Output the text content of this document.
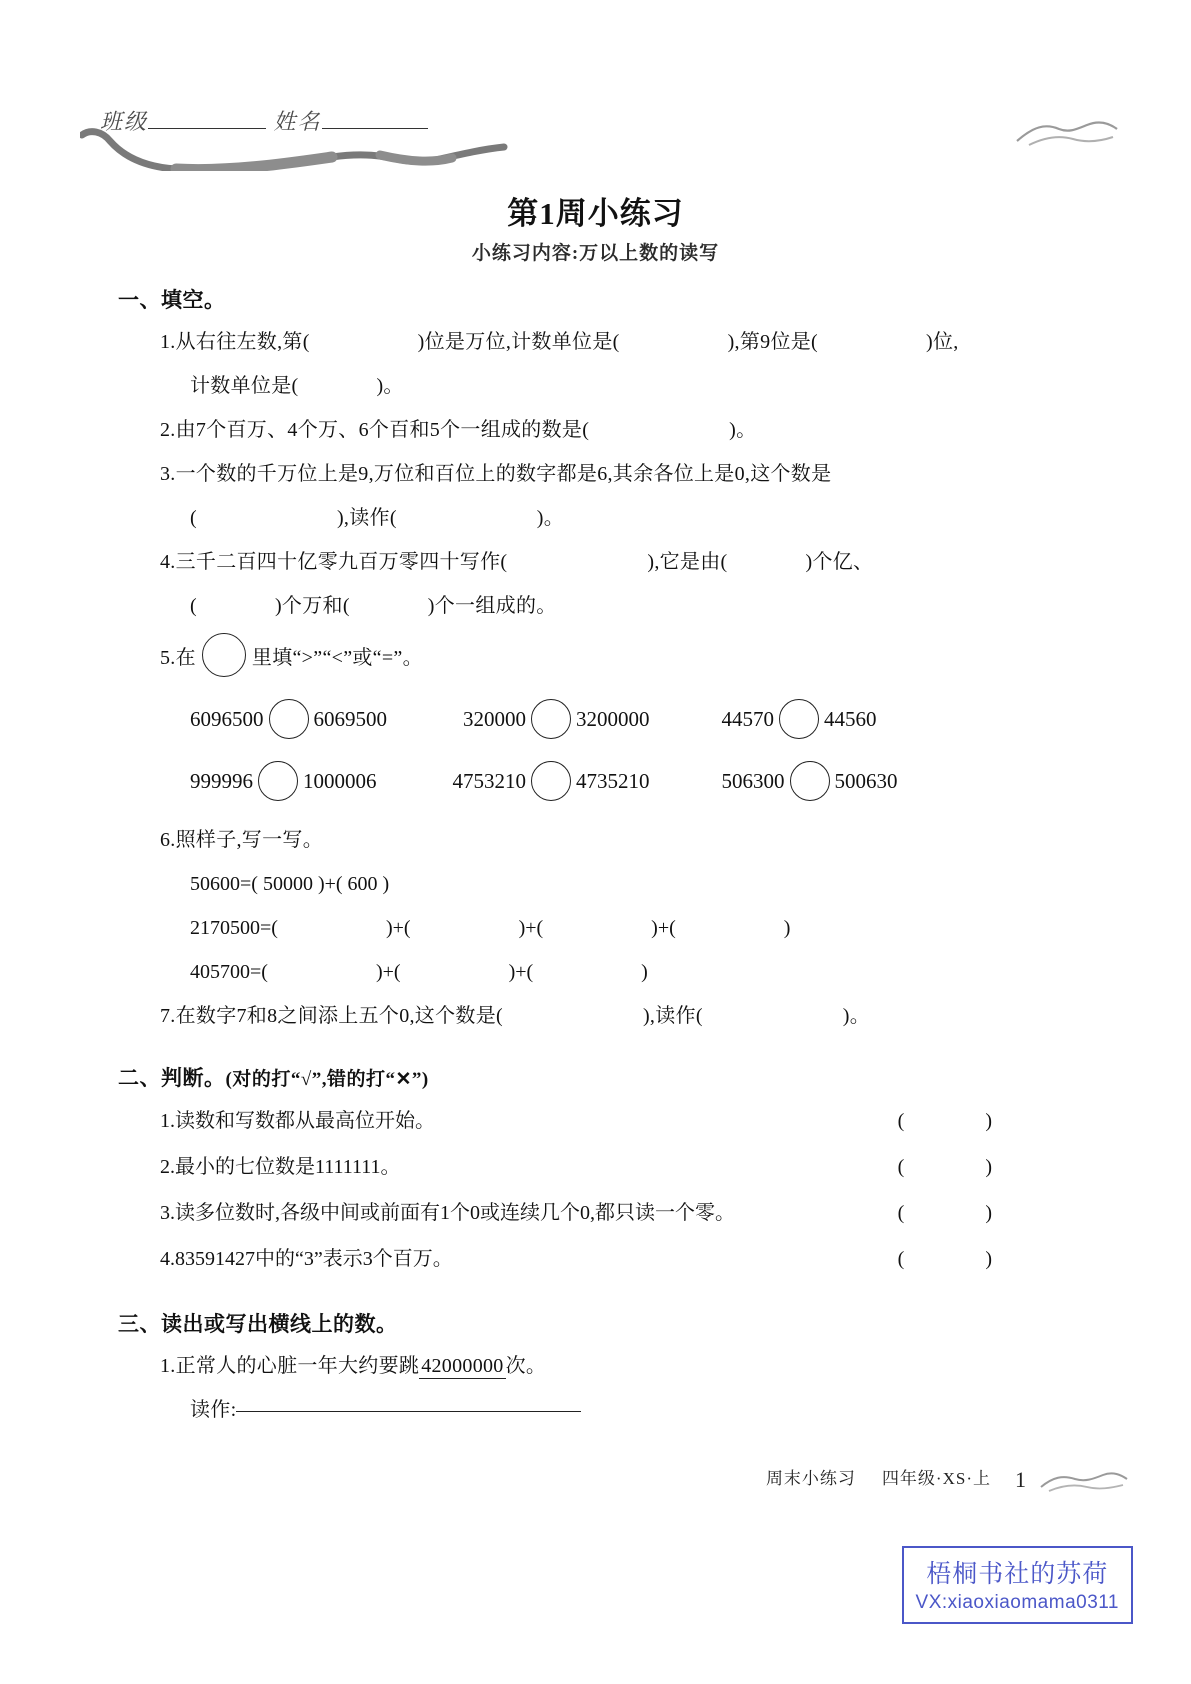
班级	姓名
第1周小练习
小练习内容:万以上数的读写
一、填空。
1.从右往左数,第(	)位是万位,计数单位是(	),第9位是(	)位,
计数单位是(	)。
2.由7个百万、4个万、6个百和5个一组成的数是(	)。
3.一个数的千万位上是9,万位和百位上的数字都是6,其余各位上是0,这个数是
(	),读作(	)。
4.三千二百四十亿零九百万零四十写作(	),它是由(	)个亿、
(	)个万和(	)个一组成的。
5.在	里填“>”“<”或“=”。
6096500 6069500	320000 3200000	44570 44560
999996 1000006	4753210 4735210	506300 500630
6.照样子,写一写。
50600=( 50000 )+( 600 )
2170500=(	)+(	)+(	)+(	)
405700=(	)+(	)+(	)
7.在数字7和8之间添上五个0,这个数是(	),读作(	)。
二、判断。(对的打“√”,错的打“✕”)
1.读数和写数都从最高位开始。	( )
2.最小的七位数是1111111。	( )
3.读多位数时,各级中间或前面有1个0或连续几个0,都只读一个零。	( )
4.83591427中的“3”表示3个百万。	( )
三、读出或写出横线上的数。
1.正常人的心脏一年大约要跳 42000000 次。
读作:
周末小练习 四年级·XS·上 1
梧桐书社的苏荷
VX:xiaoxiaomama0311
